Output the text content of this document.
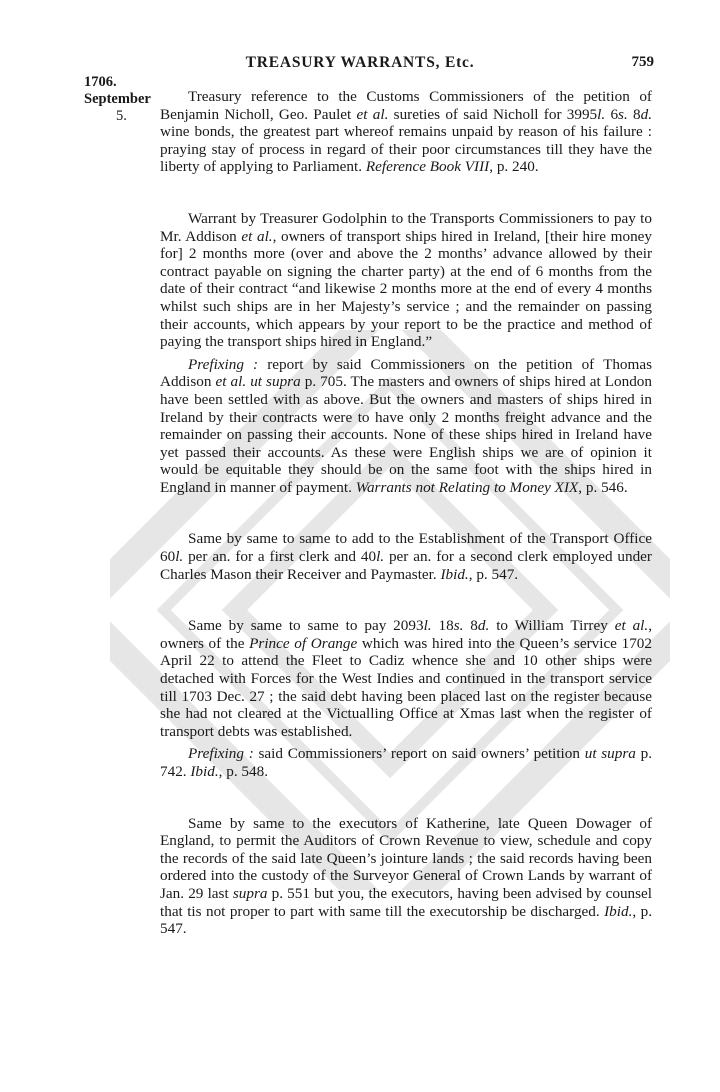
TREASURY WARRANTS, Etc.	759
1706.
September
5.

Treasury reference to the Customs Commissioners of the petition of Benjamin Nicholl, Geo. Paulet et al. sureties of said Nicholl for 3995l. 6s. 8d. wine bonds, the greatest part whereof remains unpaid by reason of his failure : praying stay of process in regard of their poor circumstances till they have the liberty of applying to Parliament. Reference Book VIII, p. 240.

Warrant by Treasurer Godolphin to the Transports Commissioners to pay to Mr. Addison et al., owners of transport ships hired in Ireland, [their hire money for] 2 months more (over and above the 2 months’ advance allowed by their contract payable on signing the charter party) at the end of 6 months from the date of their contract “and likewise 2 months more at the end of every 4 months whilst such ships are in her Majesty’s service ; and the remainder on passing their accounts, which appears by your report to be the practice and method of paying the transport ships hired in England.”

Prefixing : report by said Commissioners on the petition of Thomas Addison et al. ut supra p. 705. The masters and owners of ships hired at London have been settled with as above. But the owners and masters of ships hired in Ireland by their contracts were to have only 2 months freight advance and the remainder on passing their accounts. None of these ships hired in Ireland have yet passed their accounts. As these were English ships we are of opinion it would be equitable they should be on the same foot with the ships hired in England in manner of payment. Warrants not Relating to Money XIX, p. 546.

Same by same to same to add to the Establishment of the Transport Office 60l. per an. for a first clerk and 40l. per an. for a second clerk employed under Charles Mason their Receiver and Paymaster. Ibid., p. 547.

Same by same to same to pay 2093l. 18s. 8d. to William Tirrey et al., owners of the Prince of Orange which was hired into the Queen’s service 1702 April 22 to attend the Fleet to Cadiz whence she and 10 other ships were detached with Forces for the West Indies and continued in the transport service till 1703 Dec. 27 ; the said debt having been placed last on the register because she had not cleared at the Victualling Office at Xmas last when the register of transport debts was established.

Prefixing : said Commissioners’ report on said owners’ petition ut supra p. 742. Ibid., p. 548.

Same by same to the executors of Katherine, late Queen Dowager of England, to permit the Auditors of Crown Revenue to view, schedule and copy the records of the said late Queen’s jointure lands ; the said records having been ordered into the custody of the Surveyor General of Crown Lands by warrant of Jan. 29 last supra p. 551 but you, the executors, having been advised by counsel that tis not proper to part with same till the executorship be discharged. Ibid., p. 547.
